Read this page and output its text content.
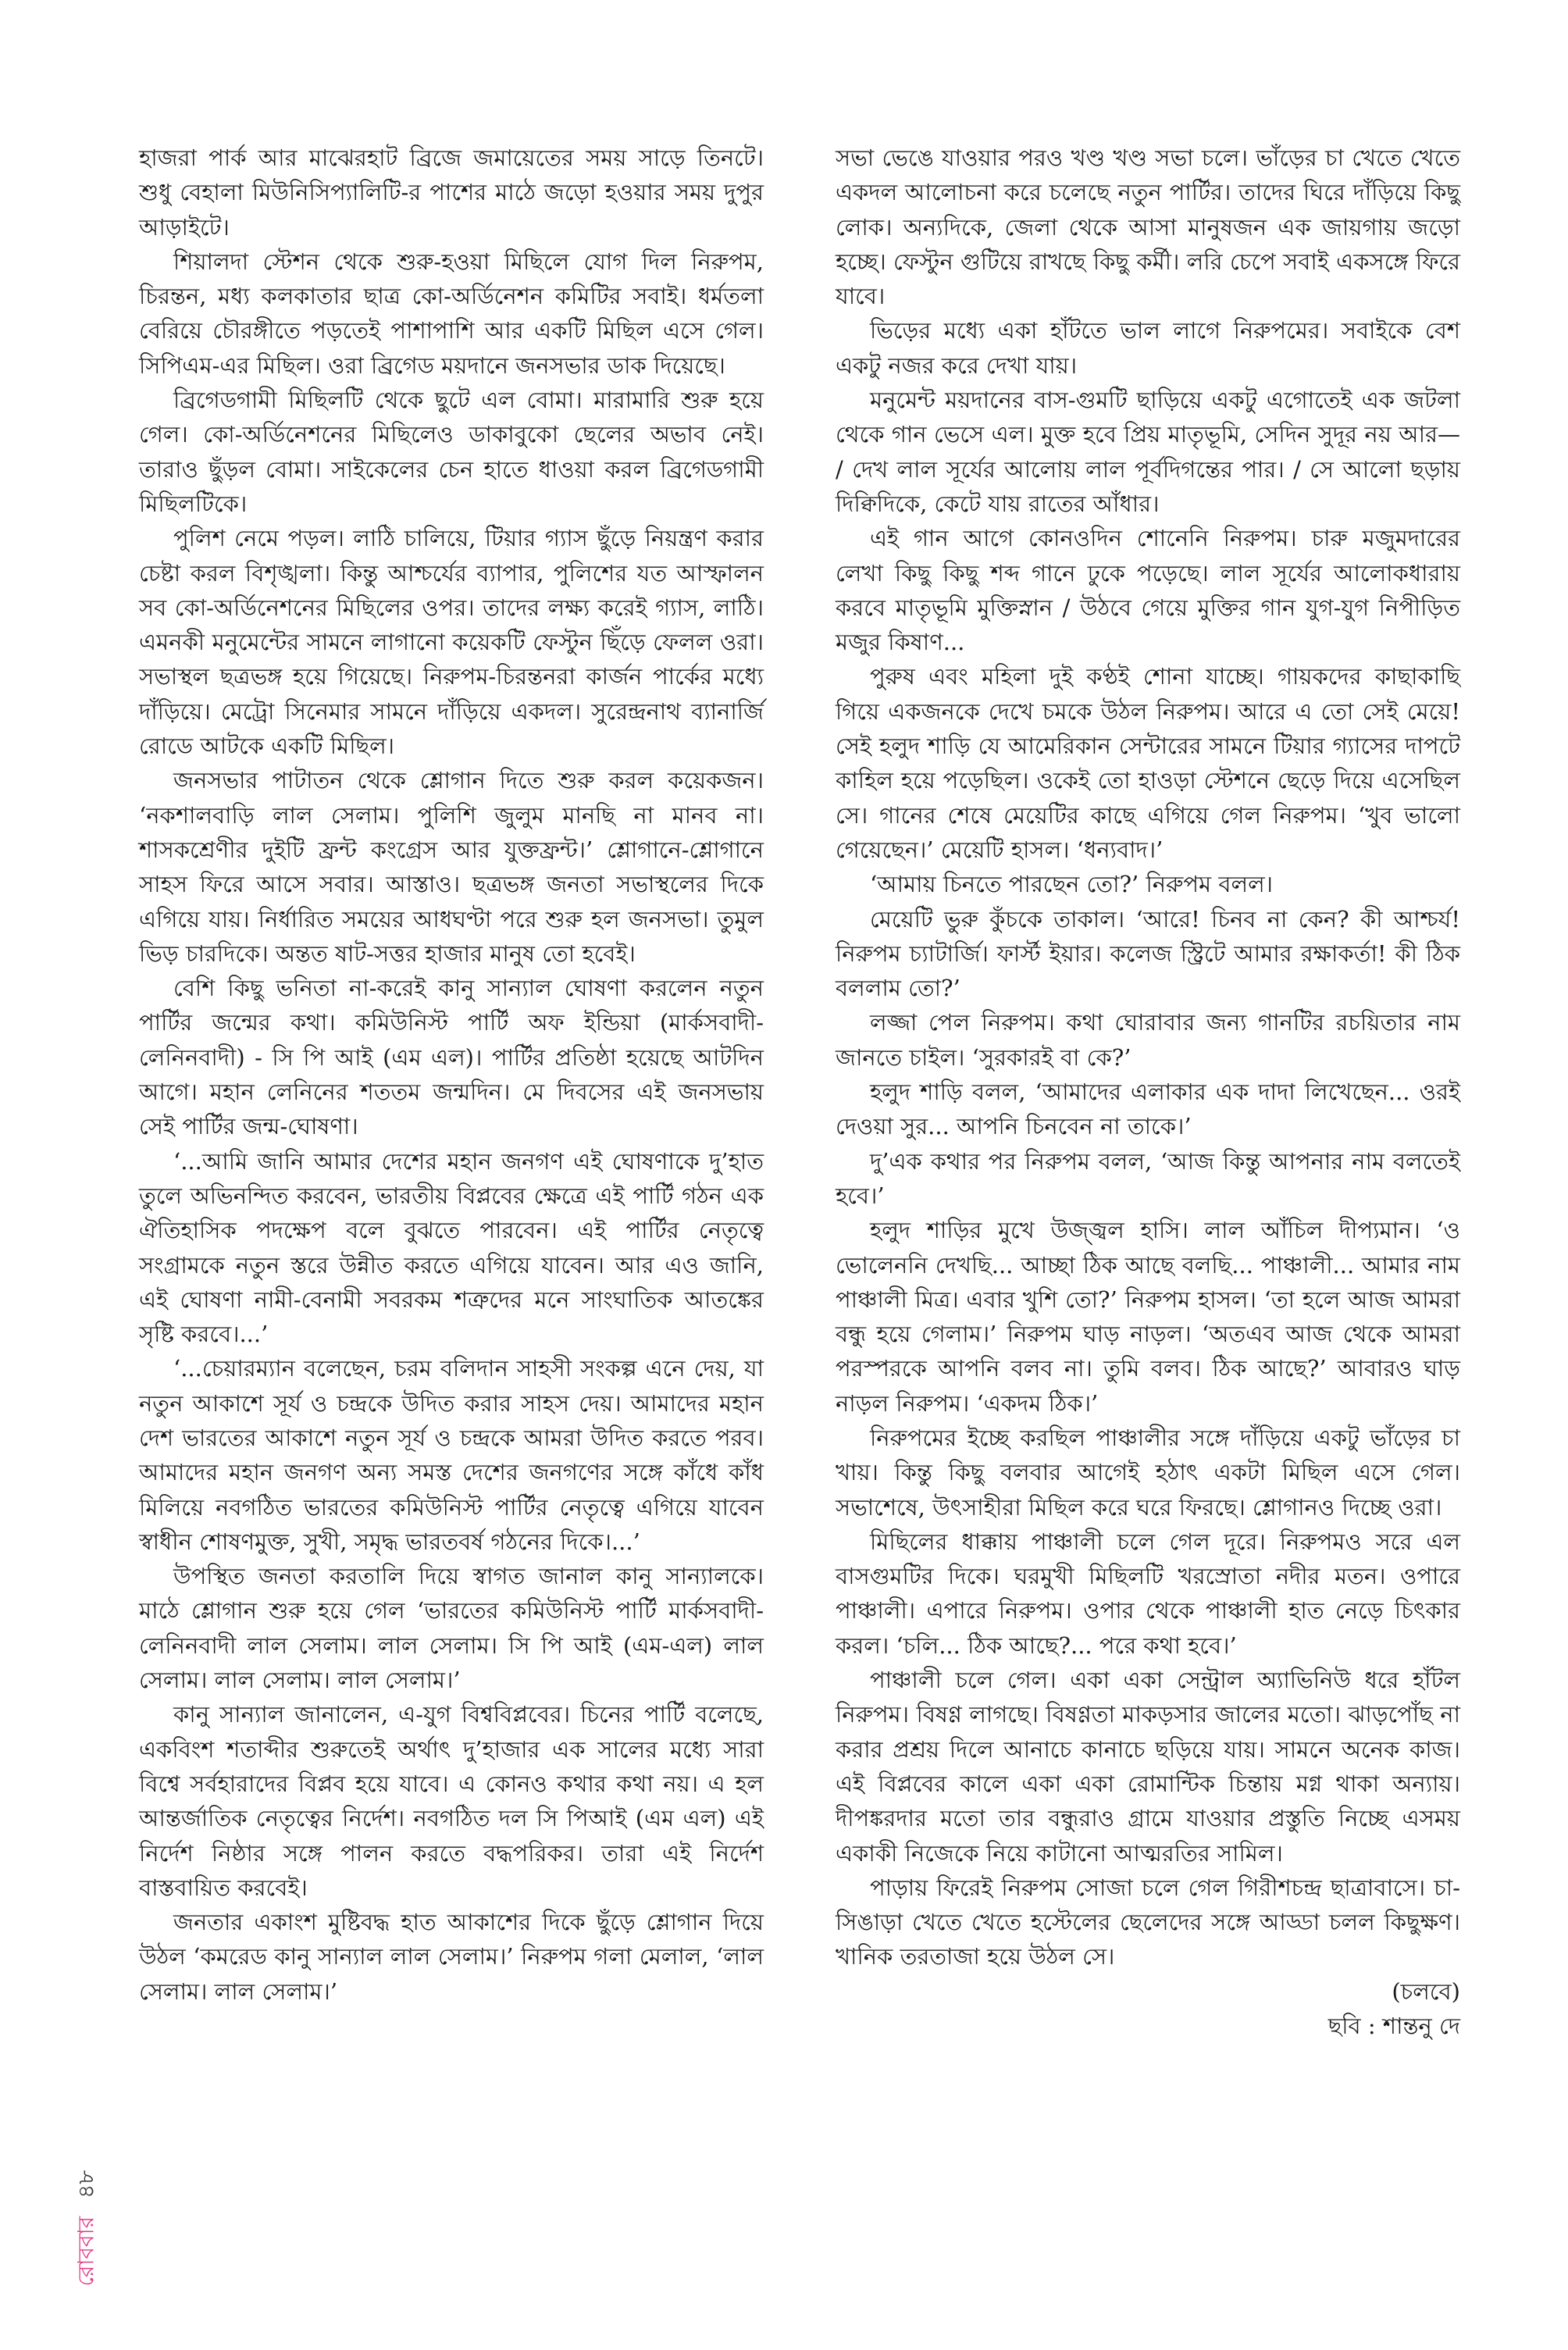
হাজরা পার্ক আর মাঝেরহাট ব্রিজে জমায়েতের সময় সাড়ে তিনটে। শুধু বেহালা মিউনিসিপ্যালিটি-র পাশের মাঠে জড়ো হওয়ার সময় দুপুর আড়াইটে।

শিয়ালদা স্টেশন থেকে শুরু-হওয়া মিছিলে যোগ দিল নিরুপম, চিরন্তন, মধ্য কলকাতার ছাত্র কো-অর্ডিনেশন কমিটির সবাই। ধর্মতলা বেরিয়ে চৌরঙ্গীতে পড়তেই পাশাপাশি আর একটি মিছিল এসে গেল। সিপিএম-এর মিছিল। ওরা ব্রিগেড ময়দানে জনসভার ডাক দিয়েছে।

ব্রিগেডগামী মিছিলটি থেকে ছুটে এল বোমা। মারামারি শুরু হয়ে গেল। কো-অর্ডিনেশনের মিছিলেও ডাকাবুকো ছেলের অভাব নেই। তারাও ছুঁড়ল বোমা। সাইকেলের চেন হাতে ধাওয়া করল ব্রিগেডগামী মিছিলটিকে।

পুলিশ নেমে পড়ল। লাঠি চালিয়ে, টিয়ার গ্যাস ছুঁড়ে নিয়ন্ত্রণ করার চেষ্টা করল বিশৃঙ্খলা। কিন্তু আশ্চর্যের ব্যাপার, পুলিশের যত আস্ফালন সব কো-অর্ডিনেশনের মিছিলের ওপর। তাদের লক্ষ্য করেই গ্যাস, লাঠি। এমনকী মনুমেন্টের সামনে লাগানো কয়েকটি ফেস্টুন ছিঁড়ে ফেলল ওরা। সভাস্থল ছত্রভঙ্গ হয়ে গিয়েছে। নিরুপম-চিরন্তনরা কার্জন পার্কের মধ্যে দাঁড়িয়ে। মেট্রো সিনেমার সামনে দাঁড়িয়ে একদল। সুরেন্দ্রনাথ ব্যানার্জি রোডে আটকে একটি মিছিল।

জনসভার পাটাতন থেকে শ্লোগান দিতে শুরু করল কয়েকজন। ‘নকশালবাড়ি লাল সেলাম। পুলিশি জুলুম মানছি না মানব না। শাসকশ্রেণীর দুইটি ফ্রন্ট কংগ্রেস আর যুক্তফ্রন্ট।’ শ্লোগানে-শ্লোগানে সাহস ফিরে আসে সবার। আস্তাও। ছত্রভঙ্গ জনতা সভাস্থলের দিকে এগিয়ে যায়। নির্ধারিত সময়ের আধঘণ্টা পরে শুরু হল জনসভা। তুমুল ভিড় চারদিকে। অন্তত ষাট-সত্তর হাজার মানুষ তো হবেই।

বেশি কিছু ভনিতা না-করেই কানু সান্যাল ঘোষণা করলেন নতুন পার্টির জন্মের কথা। কমিউনিস্ট পার্টি অফ ইন্ডিয়া (মার্কসবাদী-লেনিনবাদী) - সি পি আই (এম এল)। পার্টির প্রতিষ্ঠা হয়েছে আটদিন আগে। মহান লেনিনের শততম জন্মদিন। মে দিবসের এই জনসভায় সেই পার্টির জন্ম-ঘোষণা।

‘...আমি জানি আমার দেশের মহান জনগণ এই ঘোষণাকে দু’হাত তুলে অভিনন্দিত করবেন, ভারতীয় বিপ্লবের ক্ষেত্রে এই পার্টি গঠন এক ঐতিহাসিক পদক্ষেপ বলে বুঝতে পারবেন। এই পার্টির নেতৃত্বে সংগ্রামকে নতুন স্তরে উন্নীত করতে এগিয়ে যাবেন। আর এও জানি, এই ঘোষণা নামী-বেনামী সবরকম শত্রুদের মনে সাংঘাতিক আতঙ্কের সৃষ্টি করবে।...’

‘...চেয়ারম্যান বলেছেন, চরম বলিদান সাহসী সংকল্প এনে দেয়, যা নতুন আকাশে সূর্য ও চন্দ্রকে উদিত করার সাহস দেয়। আমাদের মহান দেশ ভারতের আকাশে নতুন সূর্য ও চন্দ্রকে আমরা উদিত করতে পরব। আমাদের মহান জনগণ অন্য সমস্ত দেশের জনগণের সঙ্গে কাঁধে কাঁধ মিলিয়ে নবগঠিত ভারতের কমিউনিস্ট পার্টির নেতৃত্বে এগিয়ে যাবেন স্বাধীন শোষণমুক্ত, সুখী, সমৃদ্ধ ভারতবর্ষ গঠনের দিকে।...’

উপস্থিত জনতা করতালি দিয়ে স্বাগত জানাল কানু সান্যালকে। মাঠে শ্লোগান শুরু হয়ে গেল ‘ভারতের কমিউনিস্ট পার্টি মার্কসবাদী-লেনিনবাদী লাল সেলাম। লাল সেলাম। সি পি আই (এম-এল) লাল সেলাম। লাল সেলাম। লাল সেলাম।’

কানু সান্যাল জানালেন, এ-যুগ বিশ্ববিপ্লবের। চিনের পার্টি বলেছে, একবিংশ শতাব্দীর শুরুতেই অর্থাৎ দু’হাজার এক সালের মধ্যে সারা বিশ্বে সর্বহারাদের বিপ্লব হয়ে যাবে। এ কোনও কথার কথা নয়। এ হল আন্তর্জাতিক নেতৃত্বের নির্দেশ। নবগঠিত দল সি পিআই (এম এল) এই নির্দেশ নিষ্ঠার সঙ্গে পালন করতে বদ্ধপরিকর। তারা এই নির্দেশ বাস্তবায়িত করবেই।

জনতার একাংশ মুষ্টিবদ্ধ হাত আকাশের দিকে ছুঁড়ে শ্লোগান দিয়ে উঠল ‘কমরেড কানু সান্যাল লাল সেলাম।’ নিরুপম গলা মেলাল, ‘লাল সেলাম। লাল সেলাম।’

সভা ভেঙে যাওয়ার পরও খণ্ড খণ্ড সভা চলে। ভাঁড়ের চা খেতে খেতে একদল আলোচনা করে চলেছে নতুন পার্টির। তাদের ঘিরে দাঁড়িয়ে কিছু লোক। অন্যদিকে, জেলা থেকে আসা মানুষজন এক জায়গায় জড়ো হচ্ছে। ফেস্টুন গুটিয়ে রাখছে কিছু কর্মী। লরি চেপে সবাই একসঙ্গে ফিরে যাবে।

ভিড়ের মধ্যে একা হাঁটতে ভাল লাগে নিরুপমের। সবাইকে বেশ একটু নজর করে দেখা যায়।

মনুমেন্ট ময়দানের বাস-গুমটি ছাড়িয়ে একটু এগোতেই এক জটলা থেকে গান ভেসে এল। মুক্ত হবে প্রিয় মাতৃভূমি, সেদিন সুদূর নয় আর— / দেখ লাল সূর্যের আলোয় লাল পূর্বদিগন্তের পার। / সে আলো ছড়ায় দিক্বিদিকে, কেটে যায় রাতের আঁধার।

এই গান আগে কোনওদিন শোনেনি নিরুপম। চারু মজুমদারের লেখা কিছু কিছু শব্দ গানে ঢুকে পড়েছে। লাল সূর্যের আলোকধারায় করবে মাতৃভূমি মুক্তিস্নান / উঠবে গেয়ে মুক্তির গান যুগ-যুগ নিপীড়িত মজুর কিষাণ...

পুরুষ এবং মহিলা দুই কণ্ঠই শোনা যাচ্ছে। গায়কদের কাছাকাছি গিয়ে একজনকে দেখে চমকে উঠল নিরুপম। আরে এ তো সেই মেয়ে! সেই হলুদ শাড়ি যে আমেরিকান সেন্টারের সামনে টিয়ার গ্যাসের দাপটে কাহিল হয়ে পড়েছিল। ওকেই তো হাওড়া স্টেশনে ছেড়ে দিয়ে এসেছিল সে। গানের শেষে মেয়েটির কাছে এগিয়ে গেল নিরুপম। ‘খুব ভালো গেয়েছেন।’ মেয়েটি হাসল। ‘ধন্যবাদ।’

‘আমায় চিনতে পারছেন তো?’ নিরুপম বলল।

মেয়েটি ভুরু কুঁচকে তাকাল। ‘আরে! চিনব না কেন? কী আশ্চর্য! নিরুপম চ্যাটার্জি। ফার্স্ট ইয়ার। কলেজ স্ট্রিটে আমার রক্ষাকর্তা! কী ঠিক বললাম তো?’

লজ্জা পেল নিরুপম। কথা ঘোরাবার জন্য গানটির রচয়িতার নাম জানতে চাইল। ‘সুরকারই বা কে?’

হলুদ শাড়ি বলল, ‘আমাদের এলাকার এক দাদা লিখেছেন... ওরই দেওয়া সুর... আপনি চিনবেন না তাকে।’

দু’এক কথার পর নিরুপম বলল, ‘আজ কিন্তু আপনার নাম বলতেই হবে।’

হলুদ শাড়ির মুখে উজ্জ্বল হাসি। লাল আঁচিল দীপ্যমান। ‘ও ভোলেননি দেখছি... আচ্ছা ঠিক আছে বলছি... পাঞ্চালী... আমার নাম পাঞ্চালী মিত্র। এবার খুশি তো?’ নিরুপম হাসল। ‘তা হলে আজ আমরা বন্ধু হয়ে গেলাম।’ নিরুপম ঘাড় নাড়ল। ‘অতএব আজ থেকে আমরা পরস্পরকে আপনি বলব না। তুমি বলব। ঠিক আছে?’ আবারও ঘাড় নাড়ল নিরুপম। ‘একদম ঠিক।’

নিরুপমের ইচ্ছে করছিল পাঞ্চালীর সঙ্গে দাঁড়িয়ে একটু ভাঁড়ের চা খায়। কিন্তু কিছু বলবার আগেই হঠাৎ একটা মিছিল এসে গেল। সভাশেষে, উৎসাহীরা মিছিল করে ঘরে ফিরছে। শ্লোগানও দিচ্ছে ওরা।

মিছিলের ধাক্কায় পাঞ্চালী চলে গেল দূরে। নিরুপমও সরে এল বাসগুমটির দিকে। ঘরমুখী মিছিলটি খরস্রোতা নদীর মতন। ওপারে পাঞ্চালী। এপারে নিরুপম। ওপার থেকে পাঞ্চালী হাত নেড়ে চিৎকার করল। ‘চলি... ঠিক আছে?... পরে কথা হবে।’

পাঞ্চালী চলে গেল। একা একা সেন্ট্রাল অ্যাভিনিউ ধরে হাঁটল নিরুপম। বিষণ্ণ লাগছে। বিষণ্ণতা মাকড়সার জালের মতো। ঝাড়পোঁছ না করার প্রশ্রয় দিলে আনাচে কানাচে ছড়িয়ে যায়। সামনে অনেক কাজ। এই বিপ্লবের কালে একা একা রোমান্টিক চিন্তায় মগ্ন থাকা অন্যায়। দীপঙ্করদার মতো তার বন্ধুরাও গ্রামে যাওয়ার প্রস্তুতি নিচ্ছে এসময় একাকী নিজেকে নিয়ে কাটানো আত্মরতির সামিল।

পাড়ায় ফিরেই নিরুপম সোজা চলে গেল গিরীশচন্দ্র ছাত্রাবাসে। চা-সিঙাড়া খেতে খেতে হস্টেলের ছেলেদের সঙ্গে আড্ডা চলল কিছুক্ষণ। খানিক তরতাজা হয়ে উঠল সে।

(চলবে)

ছবি : শান্তনু দে

রোববার ৪৮
